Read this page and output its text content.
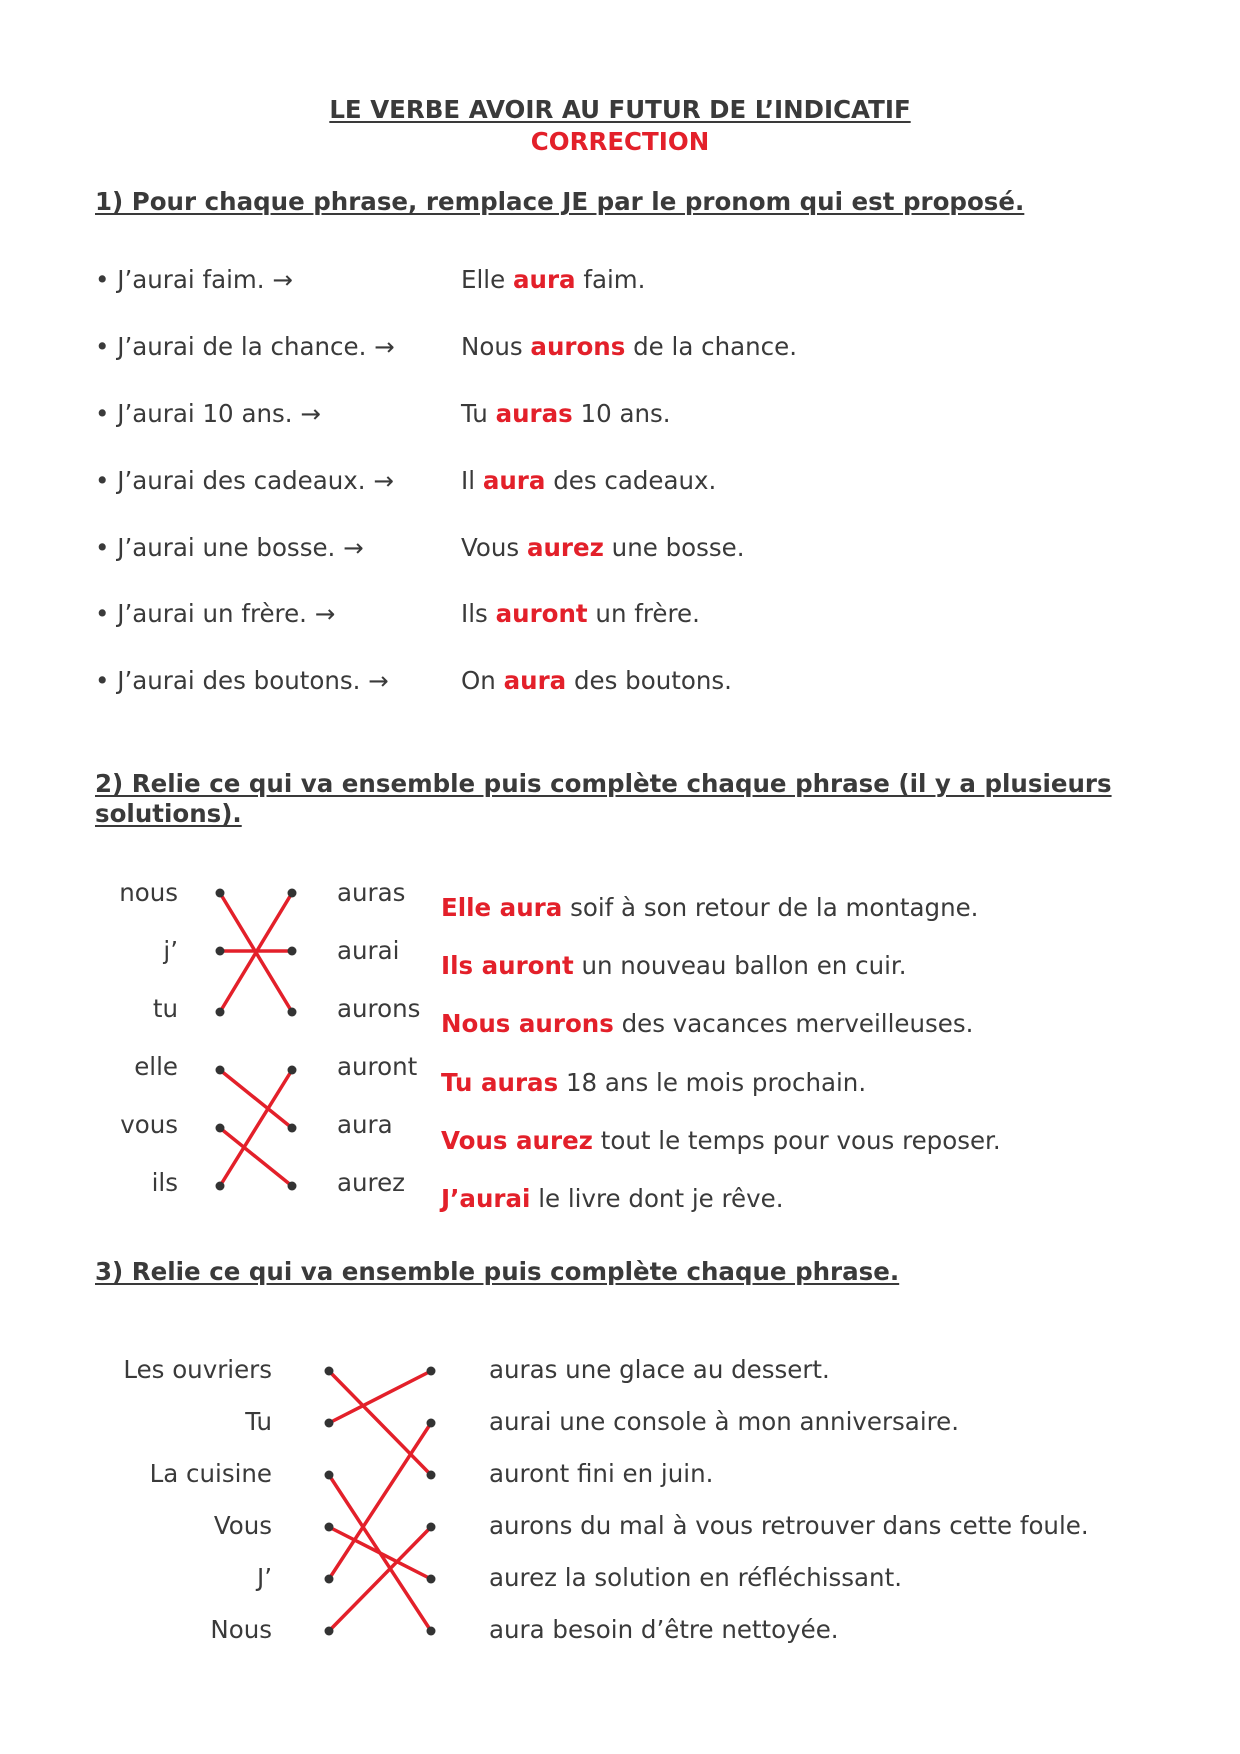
LE VERBE AVOIR AU FUTUR DE L’INDICATIF
CORRECTION
1) Pour chaque phrase, remplace JE par le pronom qui est proposé.
• J’aurai faim. →	Elle aura faim.
• J’aurai de la chance. →	Nous aurons de la chance.
• J’aurai 10 ans. →	Tu auras 10 ans.
• J’aurai des cadeaux. →	Il aura des cadeaux.
• J’aurai une bosse. →	Vous aurez une bosse.
• J’aurai un frère. →	Ils auront un frère.
• J’aurai des boutons. →	On aura des boutons.
2) Relie ce qui va ensemble puis complète chaque phrase (il y a plusieurs
solutions).
nous
j’
tu
elle
vous
ils
auras
aurai
aurons
auront
aura
aurez
Elle aura soif à son retour de la montagne.
Ils auront un nouveau ballon en cuir.
Nous aurons des vacances merveilleuses.
Tu auras 18 ans le mois prochain.
Vous aurez tout le temps pour vous reposer.
J’aurai le livre dont je rêve.
3) Relie ce qui va ensemble puis complète chaque phrase.
Les ouvriers
Tu
La cuisine
Vous
J’
Nous
auras une glace au dessert.
aurai une console à mon anniversaire.
auront fini en juin.
aurons du mal à vous retrouver dans cette foule.
aurez la solution en réfléchissant.
aura besoin d’être nettoyée.
